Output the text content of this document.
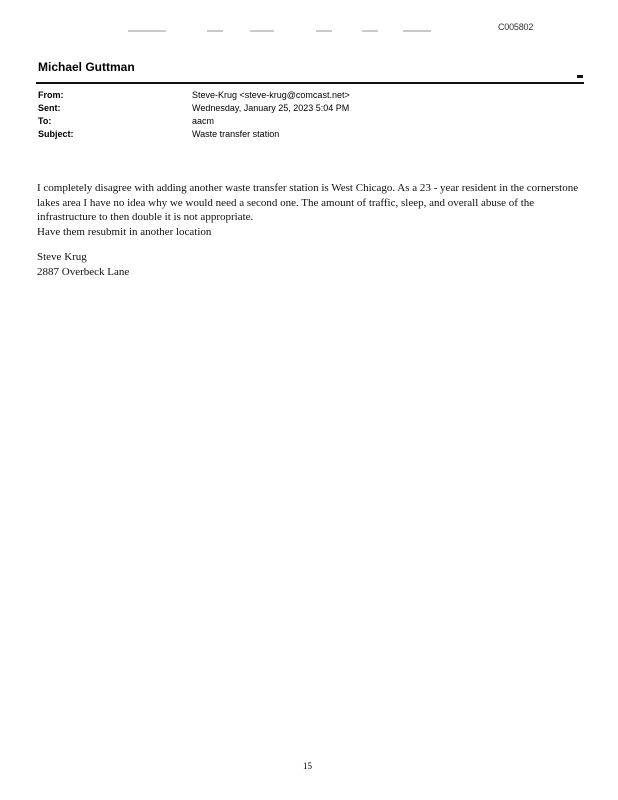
C005802
Michael Guttman
From:	Steve-Krug <steve-krug@comcast.net>
Sent:	Wednesday, January 25, 2023 5:04 PM
To:	aacm
Subject:	Waste transfer station

I completely disagree with adding another waste transfer station is West Chicago. As a 23 - year resident in the cornerstone lakes area I have no idea why we would need a second one. The amount of traffic, sleep, and overall abuse of the infrastructure to then double it is not appropriate.

Have them resubmit in another location

Steve Krug
2887 Overbeck Lane
15
